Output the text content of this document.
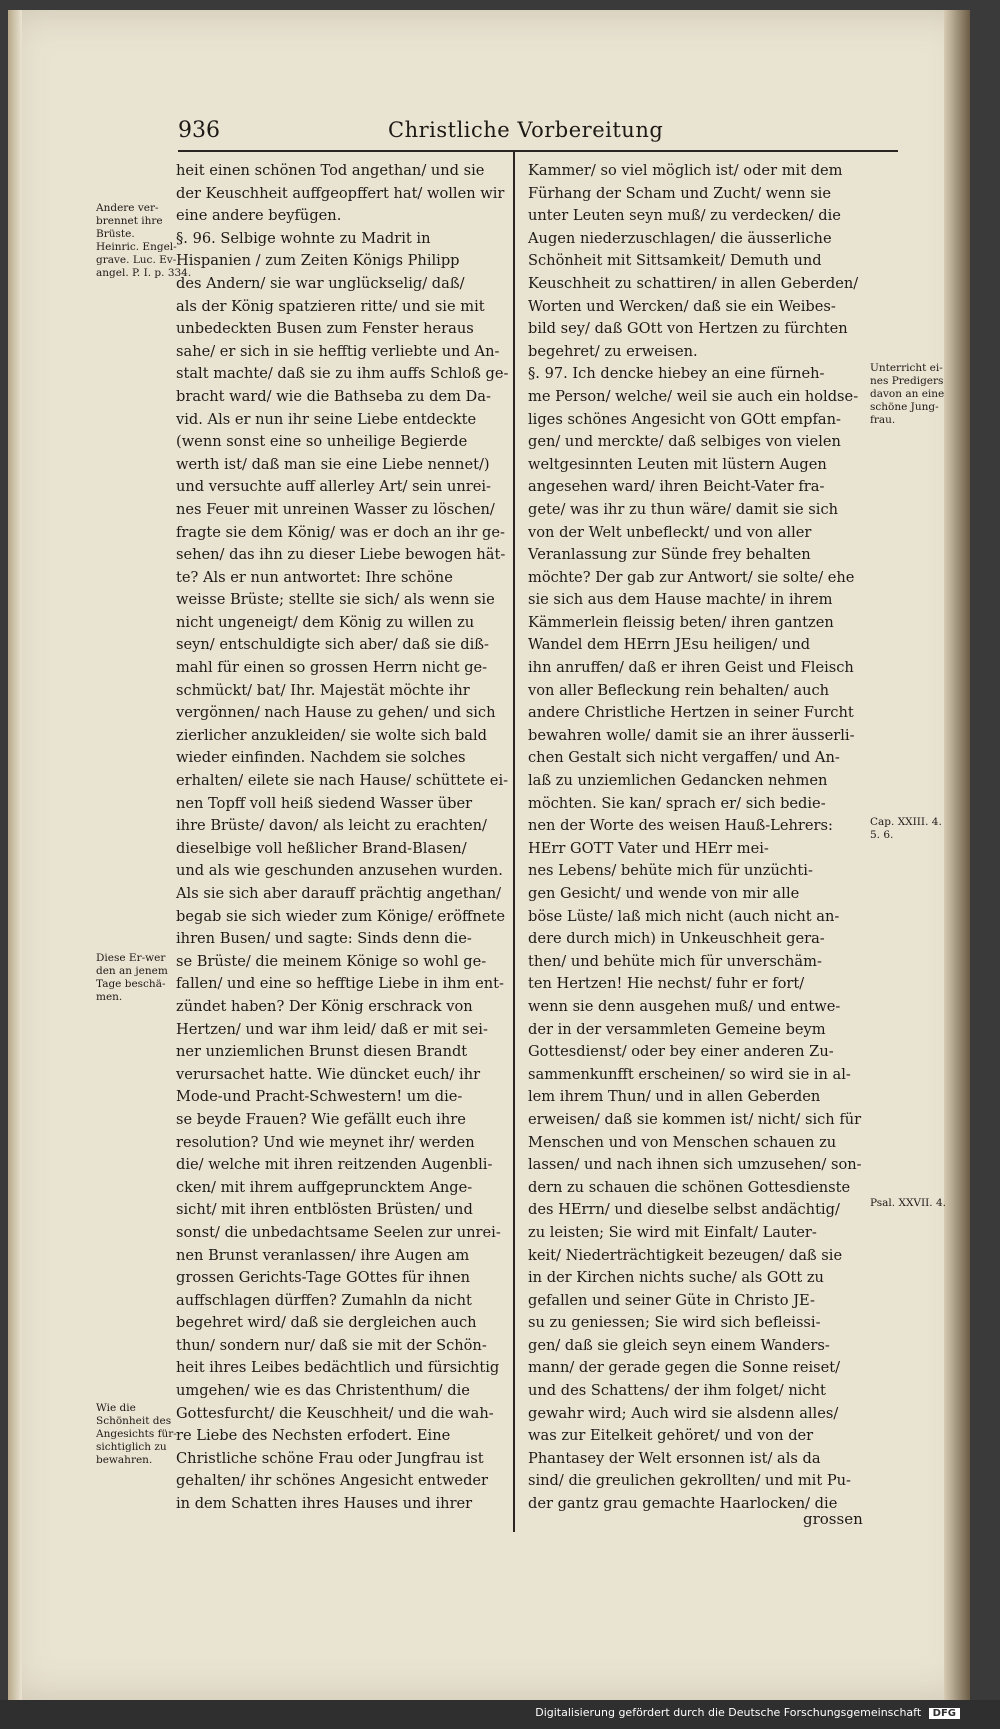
936	Christliche Vorbereitung
heit einen schönen Tod angethan/ und sie
der Keuschheit auffgeopffert hat/ wollen wir
eine andere beyfügen.
§. 96. Selbige wohnte zu Madrit in
Hispanien / zum Zeiten Königs Philipp
des Andern/ sie war unglückselig/ daß/
als der König spatzieren ritte/ und sie mit
unbedeckten Busen zum Fenster heraus
sahe/ er sich in sie hefftig verliebte und An-
stalt machte/ daß sie zu ihm auffs Schloß ge-
bracht ward/ wie die Bathseba zu dem Da-
vid. Als er nun ihr seine Liebe entdeckte
(wenn sonst eine so unheilige Begierde
werth ist/ daß man sie eine Liebe nennet/)
und versuchte auff allerley Art/ sein unrei-
nes Feuer mit unreinen Wasser zu löschen/
fragte sie dem König/ was er doch an ihr ge-
sehen/ das ihn zu dieser Liebe bewogen hät-
te? Als er nun antwortet: Ihre schöne
weisse Brüste; stellte sie sich/ als wenn sie
nicht ungeneigt/ dem König zu willen zu
seyn/ entschuldigte sich aber/ daß sie diß-
mahl für einen so grossen Herrn nicht ge-
schmückt/ bat/ Ihr. Majestät möchte ihr
vergönnen/ nach Hause zu gehen/ und sich
zierlicher anzukleiden/ sie wolte sich bald
wieder einfinden. Nachdem sie solches
erhalten/ eilete sie nach Hause/ schüttete ei-
nen Topff voll heiß siedend Wasser über
ihre Brüste/ davon/ als leicht zu erachten/
dieselbige voll heßlicher Brand-Blasen/
und als wie geschunden anzusehen wurden.
Als sie sich aber darauff prächtig angethan/
begab sie sich wieder zum Könige/ eröffnete
ihren Busen/ und sagte: Sinds denn die-
se Brüste/ die meinem Könige so wohl ge-
fallen/ und eine so hefftige Liebe in ihm ent-
zündet haben? Der König erschrack von
Hertzen/ und war ihm leid/ daß er mit sei-
ner unziemlichen Brunst diesen Brandt
verursachet hatte. Wie düncket euch/ ihr
Mode-und Pracht-Schwestern! um die-
se beyde Frauen? Wie gefällt euch ihre
resolution? Und wie meynet ihr/ werden
die/ welche mit ihren reitzenden Augenbli-
cken/ mit ihrem auffgepruncktem Ange-
sicht/ mit ihren entblösten Brüsten/ und
sonst/ die unbedachtsame Seelen zur unrei-
nen Brunst veranlassen/ ihre Augen am
grossen Gerichts-Tage GOttes für ihnen
auffschlagen dürffen? Zumahln da nicht
begehret wird/ daß sie dergleichen auch
thun/ sondern nur/ daß sie mit der Schön-
heit ihres Leibes bedächtlich und fürsichtig
umgehen/ wie es das Christenthum/ die
Gottesfurcht/ die Keuschheit/ und die wah-
re Liebe des Nechsten erfodert. Eine
Christliche schöne Frau oder Jungfrau ist
gehalten/ ihr schönes Angesicht entweder
in dem Schatten ihres Hauses und ihrer
Kammer/ so viel möglich ist/ oder mit dem
Fürhang der Scham und Zucht/ wenn sie
unter Leuten seyn muß/ zu verdecken/ die
Augen niederzuschlagen/ die äusserliche
Schönheit mit Sittsamkeit/ Demuth und
Keuschheit zu schattiren/ in allen Geberden/
Worten und Wercken/ daß sie ein Weibes-
bild sey/ daß GOtt von Hertzen zu fürchten
begehret/ zu erweisen.
§. 97. Ich dencke hiebey an eine fürneh-
me Person/ welche/ weil sie auch ein holdse-
liges schönes Angesicht von GOtt empfan-
gen/ und merckte/ daß selbiges von vielen
weltgesinnten Leuten mit lüstern Augen
angesehen ward/ ihren Beicht-Vater fra-
gete/ was ihr zu thun wäre/ damit sie sich
von der Welt unbefleckt/ und von aller
Veranlassung zur Sünde frey behalten
möchte? Der gab zur Antwort/ sie solte/ ehe
sie sich aus dem Hause machte/ in ihrem
Kämmerlein fleissig beten/ ihren gantzen
Wandel dem HErrn JEsu heiligen/ und
ihn anruffen/ daß er ihren Geist und Fleisch
von aller Befleckung rein behalten/ auch
andere Christliche Hertzen in seiner Furcht
bewahren wolle/ damit sie an ihrer äusserli-
chen Gestalt sich nicht vergaffen/ und An-
laß zu unziemlichen Gedancken nehmen
möchten. Sie kan/ sprach er/ sich bedie-
nen der Worte des weisen Hauß-Lehrers:
HErr GOTT Vater und HErr mei-
nes Lebens/ behüte mich für unzüchti-
gen Gesicht/ und wende von mir alle
böse Lüste/ laß mich nicht (auch nicht an-
dere durch mich) in Unkeuschheit gera-
then/ und behüte mich für unverschäm-
ten Hertzen! Hie nechst/ fuhr er fort/
wenn sie denn ausgehen muß/ und entwe-
der in der versammleten Gemeine beym
Gottesdienst/ oder bey einer anderen Zu-
sammenkunfft erscheinen/ so wird sie in al-
lem ihrem Thun/ und in allen Geberden
erweisen/ daß sie kommen ist/ nicht/ sich für
Menschen und von Menschen schauen zu
lassen/ und nach ihnen sich umzusehen/ son-
dern zu schauen die schönen Gottesdienste
des HErrn/ und dieselbe selbst andächtig/
zu leisten; Sie wird mit Einfalt/ Lauter-
keit/ Niederträchtigkeit bezeugen/ daß sie
in der Kirchen nichts suche/ als GOtt zu
gefallen und seiner Güte in Christo JE-
su zu geniessen; Sie wird sich befleissi-
gen/ daß sie gleich seyn einem Wanders-
mann/ der gerade gegen die Sonne reiset/
und des Schattens/ der ihm folget/ nicht
gewahr wird; Auch wird sie alsdenn alles/
was zur Eitelkeit gehöret/ und von der
Phantasey der Welt ersonnen ist/ als da
sind/ die greulichen gekrollten/ und mit Pu-
der gantz grau gemachte Haarlocken/ die
Andere ver-
brennet ihre
Brüste.
Heinric. Engel-
grave. Luc. Ev-
angel. P. I. p. 334.
Diese Er-wer
den an jenem
Tage beschä-
men.
Wie die
Schönheit des
Angesichts für-
sichtiglich zu
bewahren.
Unterricht ei-
nes Predigers
davon an eine
schöne Jung-
frau.
Cap. XXIII. 4.
5. 6.
Psal. XXVII. 4.
grossen
Digitalisierung gefördert durch die Deutsche Forschungsgemeinschaft DFG
